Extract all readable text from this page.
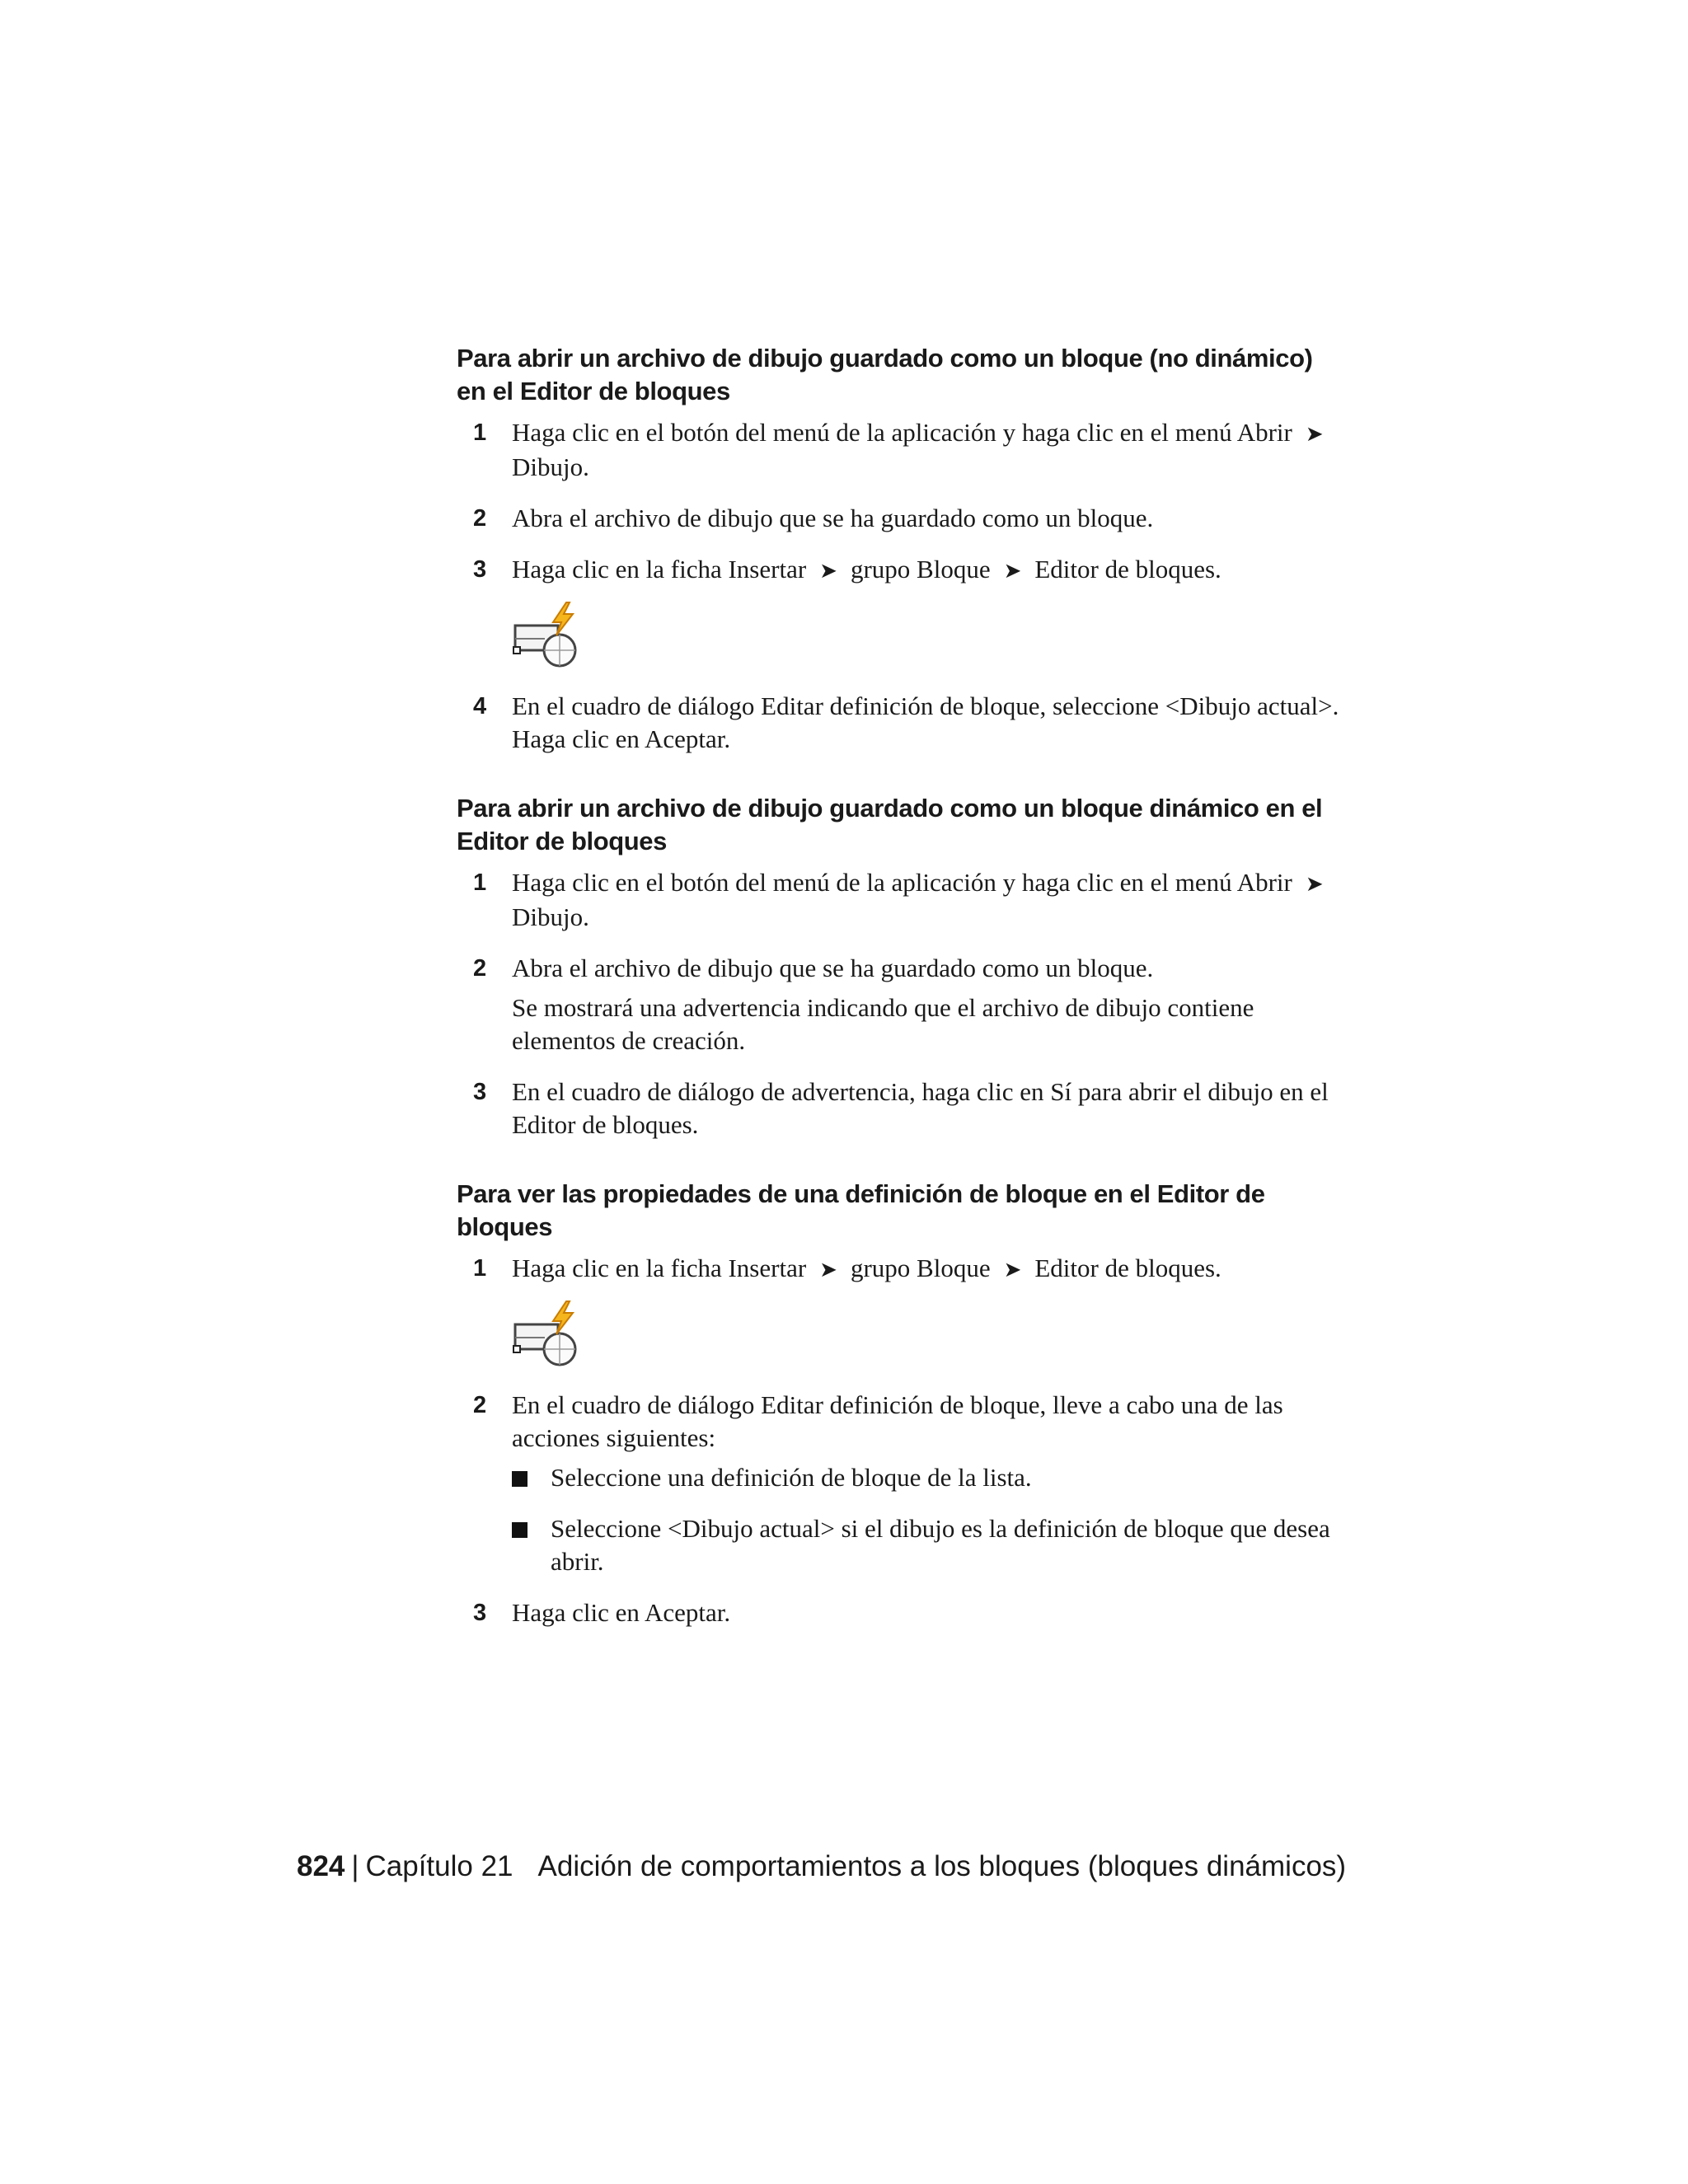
Para abrir un archivo de dibujo guardado como un bloque (no dinámico) en el Editor de bloques
1 Haga clic en el botón del menú de la aplicación y haga clic en el menú Abrir ➤Dibujo.
2 Abra el archivo de dibujo que se ha guardado como un bloque.
3 Haga clic en la ficha Insertar ➤ grupo Bloque ➤ Editor de bloques.
4 En el cuadro de diálogo Editar definición de bloque, seleccione <Dibujo actual>. Haga clic en Aceptar.
Para abrir un archivo de dibujo guardado como un bloque dinámico en el Editor de bloques
1 Haga clic en el botón del menú de la aplicación y haga clic en el menú Abrir ➤Dibujo.
2 Abra el archivo de dibujo que se ha guardado como un bloque.
Se mostrará una advertencia indicando que el archivo de dibujo contiene elementos de creación.
3 En el cuadro de diálogo de advertencia, haga clic en Sí para abrir el dibujo en el Editor de bloques.
Para ver las propiedades de una definición de bloque en el Editor de bloques
1 Haga clic en la ficha Insertar ➤ grupo Bloque ➤ Editor de bloques.
2 En el cuadro de diálogo Editar definición de bloque, lleve a cabo una de las acciones siguientes:
Seleccione una definición de bloque de la lista.
Seleccione <Dibujo actual> si el dibujo es la definición de bloque que desea abrir.
3 Haga clic en Aceptar.
824 | Capítulo 21 Adición de comportamientos a los bloques (bloques dinámicos)
